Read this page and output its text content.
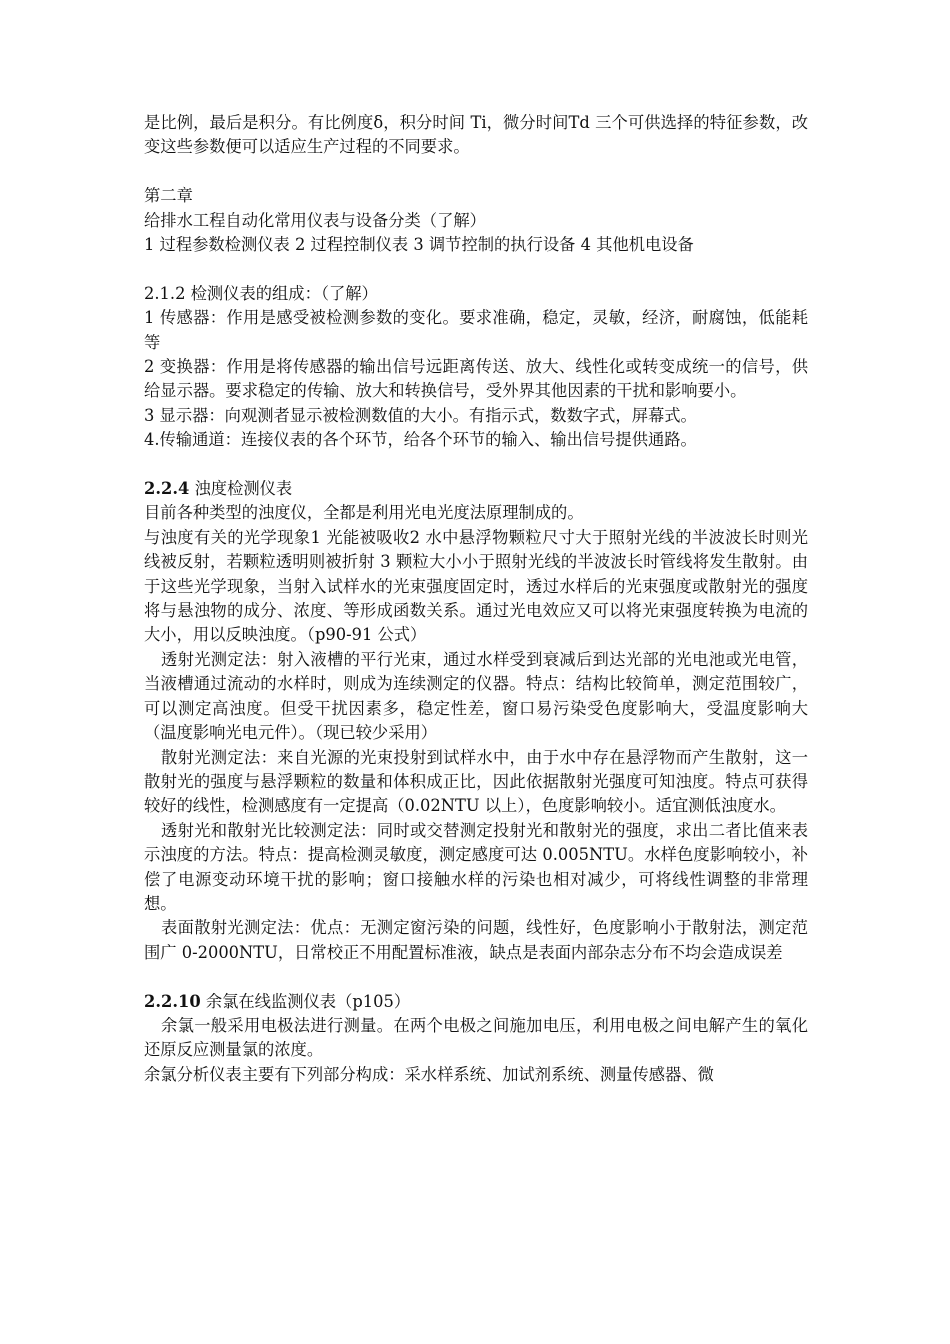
是比例，最后是积分。有比例度δ，积分时间 Ti，微分时间Td 三个可供选择的特征参数，改变这些参数便可以适应生产过程的不同要求。

第二章

给排水工程自动化常用仪表与设备分类（了解）

1 过程参数检测仪表 2 过程控制仪表 3 调节控制的执行设备 4 其他机电设备

2.1.2 检测仪表的组成：（了解）

1 传感器：作用是感受被检测参数的变化。要求准确，稳定，灵敏，经济，耐腐蚀，低能耗等

2 变换器：作用是将传感器的输出信号远距离传送、放大、线性化或转变成统一的信号，供给显示器。要求稳定的传输、放大和转换信号，受外界其他因素的干扰和影响要小。

3 显示器：向观测者显示被检测数值的大小。有指示式，数数字式，屏幕式。

4.传输通道：连接仪表的各个环节，给各个环节的输入、输出信号提供通路。

2.2.4 浊度检测仪表

目前各种类型的浊度仪，全都是利用光电光度法原理制成的。

与浊度有关的光学现象1 光能被吸收2 水中悬浮物颗粒尺寸大于照射光线的半波波长时则光线被反射，若颗粒透明则被折射 3 颗粒大小小于照射光线的半波波长时管线将发生散射。由于这些光学现象，当射入试样水的光束强度固定时，透过水样后的光束强度或散射光的强度将与悬浊物的成分、浓度、等形成函数关系。通过光电效应又可以将光束强度转换为电流的大小，用以反映浊度。（p90-91 公式）

透射光测定法：射入液槽的平行光束，通过水样受到衰减后到达光部的光电池或光电管，当液槽通过流动的水样时，则成为连续测定的仪器。特点：结构比较简单，测定范围较广，可以测定高浊度。但受干扰因素多，稳定性差，窗口易污染受色度影响大，受温度影响大（温度影响光电元件）。（现已较少采用）

散射光测定法：来自光源的光束投射到试样水中，由于水中存在悬浮物而产生散射，这一散射光的强度与悬浮颗粒的数量和体积成正比，因此依据散射光强度可知浊度。特点可获得较好的线性，检测感度有一定提高（0.02NTU 以上），色度影响较小。适宜测低浊度水。

透射光和散射光比较测定法：同时或交替测定投射光和散射光的强度，求出二者比值来表示浊度的方法。特点：提高检测灵敏度，测定感度可达 0.005NTU。水样色度影响较小，补偿了电源变动环境干扰的影响；窗口接触水样的污染也相对减少，可将线性调整的非常理想。

表面散射光测定法：优点：无测定窗污染的问题，线性好，色度影响小于散射法，测定范围广 0-2000NTU，日常校正不用配置标准液，缺点是表面内部杂志分布不均会造成误差

2.2.10 余氯在线监测仪表（p105）

余氯一般采用电极法进行测量。在两个电极之间施加电压，利用电极之间电解产生的氧化还原反应测量氯的浓度。

余氯分析仪表主要有下列部分构成：采水样系统、加试剂系统、测量传感器、微
